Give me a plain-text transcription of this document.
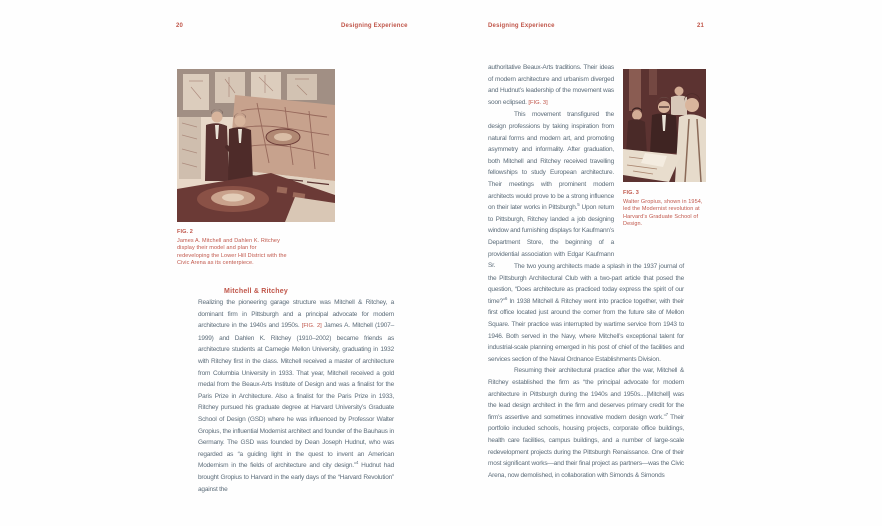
20	Designing Experience	Designing Experience	21
FIG. 2
James A. Mitchell and Dahlen K. Ritchey display their model and plan for redeveloping the Lower Hill District with the Civic Arena as its centerpiece.
Mitchell & Ritchey

Realizing the pioneering garage structure was Mitchell & Ritchey, a dominant firm in Pittsburgh and a principal advocate for modern architecture in the 1940s and 1950s. [FIG. 2] James A. Mitchell (1907–1999) and Dahlen K. Ritchey (1910–2002) became friends as architecture students at Carnegie Mellon University, graduating in 1932 with Ritchey first in the class. Mitchell received a master of architecture from Columbia University in 1933. That year, Mitchell received a gold medal from the Beaux-Arts Institute of Design and was a finalist for the Paris Prize in Architecture. Also a finalist for the Paris Prize in 1933, Ritchey pursued his graduate degree at Harvard University’s Graduate School of Design (GSD) where he was influenced by Professor Walter Gropius, the influential Modernist architect and founder of the Bauhaus in Germany. The GSD was founded by Dean Joseph Hudnut, who was regarded as “a guiding light in the quest to invent an American Modernism in the fields of architecture and city design.”$^4$ Hudnut had brought Gropius to Harvard in the early days of the “Harvard Revolution” against the

authoritative Beaux-Arts traditions. Their ideas of modern architecture and urbanism diverged and Hudnut’s leadership of the movement was soon eclipsed. [FIG. 3]

This movement transfigured the design professions by taking inspiration from natural forms and modern art, and promoting asymmetry and informality. After graduation, both Mitchell and Ritchey received travelling fellowships to study European architecture. Their meetings with prominent modern architects would prove to be a strong influence on their later works in Pittsburgh.$^5$ Upon return to Pittsburgh, Ritchey landed a job designing window and furnishing displays for Kaufmann’s Department Store, the beginning of a providential association with Edgar Kaufmann Sr.

FIG. 3
Walter Gropius, shown in 1954, led the Modernist revolution at Harvard’s Graduate School of Design.

The two young architects made a splash in the 1937 journal of the Pittsburgh Architectural Club with a two-part article that posed the question, “Does architecture as practiced today express the spirit of our time?”$^6$ In 1938 Mitchell & Ritchey went into practice together, with their first office located just around the corner from the future site of Mellon Square. Their practice was interrupted by wartime service from 1943 to 1946. Both served in the Navy, where Mitchell’s exceptional talent for industrial-scale planning emerged in his post of chief of the facilities and services section of the Naval Ordnance Establishments Division.

Resuming their architectural practice after the war, Mitchell & Ritchey established the firm as “the principal advocate for modern architecture in Pittsburgh during the 1940s and 1950s....[Mitchell] was the lead design architect in the firm and deserves primary credit for the firm’s assertive and sometimes innovative modern design work.”$^7$ Their portfolio included schools, housing projects, corporate office buildings, health care facilities, campus buildings, and a number of large-scale redevelopment projects during the Pittsburgh Renaissance. One of their most significant works—and their final project as partners—was the Civic Arena, now demolished, in collaboration with Simonds & Simonds
